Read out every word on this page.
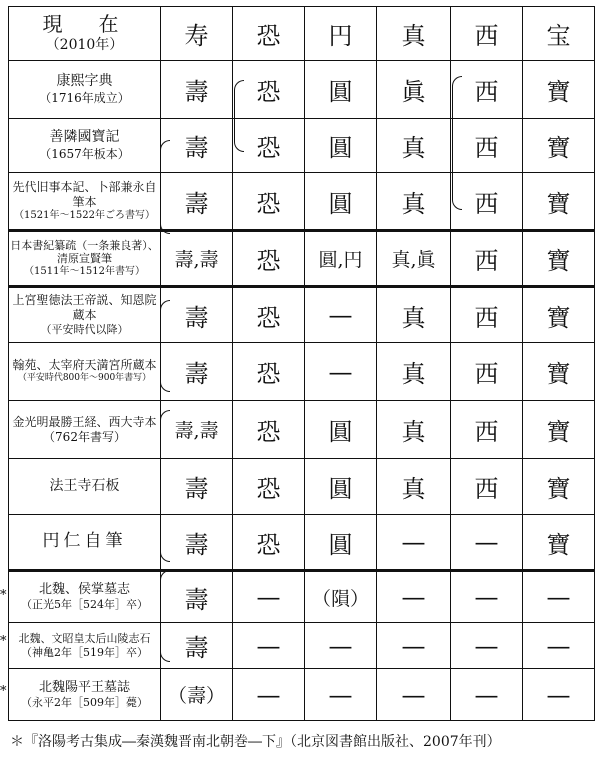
現　在
（2010年）	寿	恐	円	真	西	宝

康熙字典
（1716年成立）	壽	恐	圓	眞	西	寶

善隣國寶記
（1657年板本）	壽	恐	圓	真	西	寶

先代旧事本記、卜部兼永自筆本
（1521年～1522年ごろ書写）	壽	恐	圓	真	西	寶

日本書紀纂疏（一条兼良著）、清原宣賢筆
（1511年～1512年書写）	壽,壽	恐	圓,円	真,眞	西	寶

上宮聖徳法王帝説、知恩院蔵本
（平安時代以降）	壽	恐	—	真	西	寶

翰苑、太宰府天満宮所蔵本
（平安時代800年～900年書写）	壽	恐	—	真	西	寶

金光明最勝王経、西大寺本
（762年書写）	壽,壽	恐	圓	真	西	寶

法王寺石板	壽	恐	圓	真	西	寶

円仁自筆	壽	恐	圓	—	—	寶

北魏、侯掌墓志
（正光5年［524年］卒）	壽	—	（隕）	—	—	—

北魏、文昭皇太后山陵志石（神亀2年［519年］卒）	壽	—	—	—	—	—

北魏陽平王墓誌
（永平2年［509年］薨）	（壽）	—	—	—	—	—
*
*
*
＊『洛陽考古集成―秦漢魏晋南北朝巻―下』（北京図書館出版社、2007年刊）
